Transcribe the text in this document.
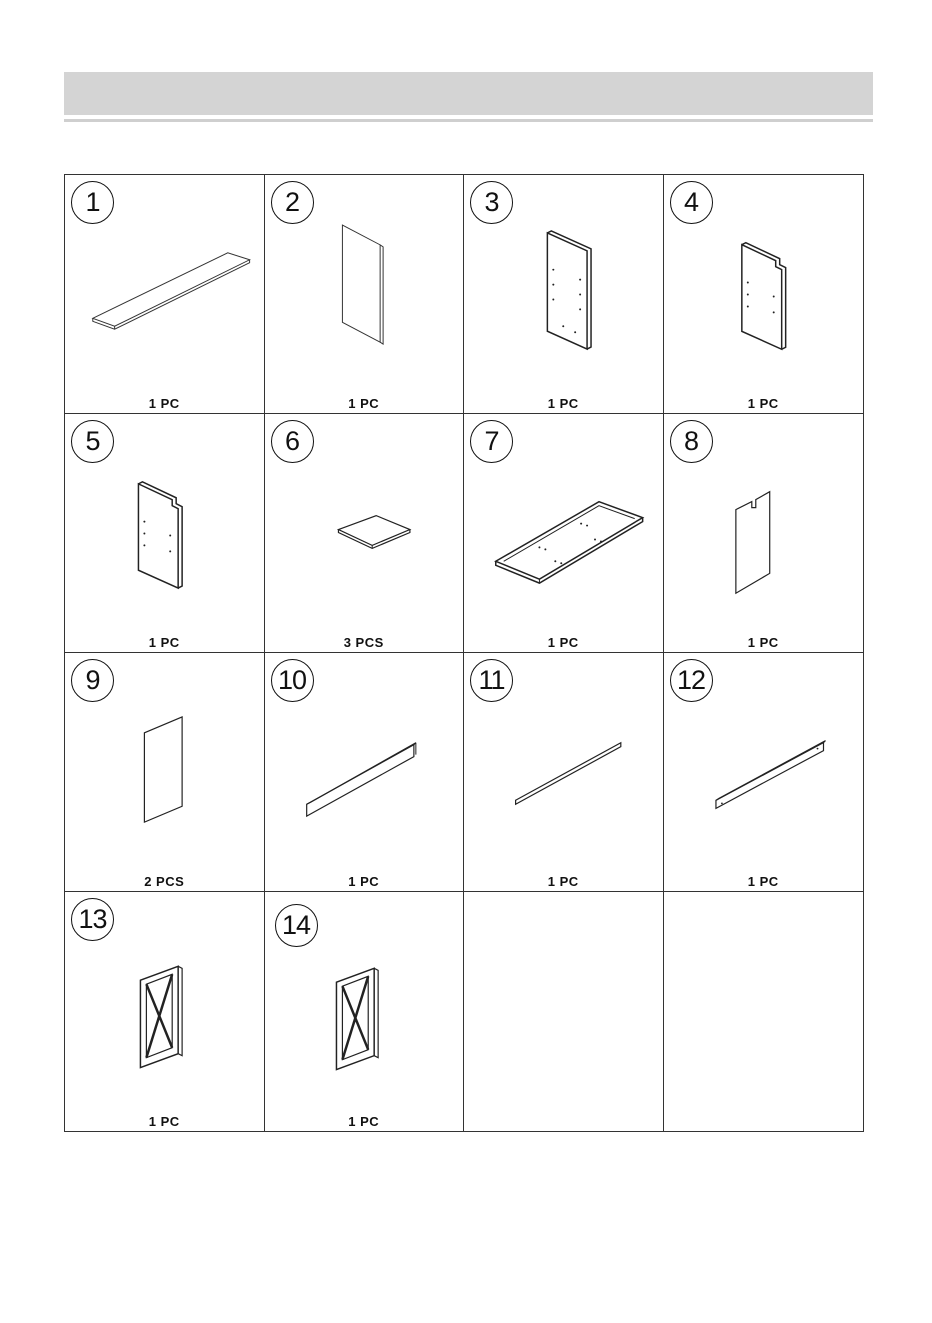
1
1 PC
2
1 PC
3
1 PC
4
1 PC
5
1 PC
6
3 PCS
7
1 PC
8
1 PC
9
2 PCS
10
1 PC
11
1 PC
12
1 PC
13
1 PC
14
1 PC
